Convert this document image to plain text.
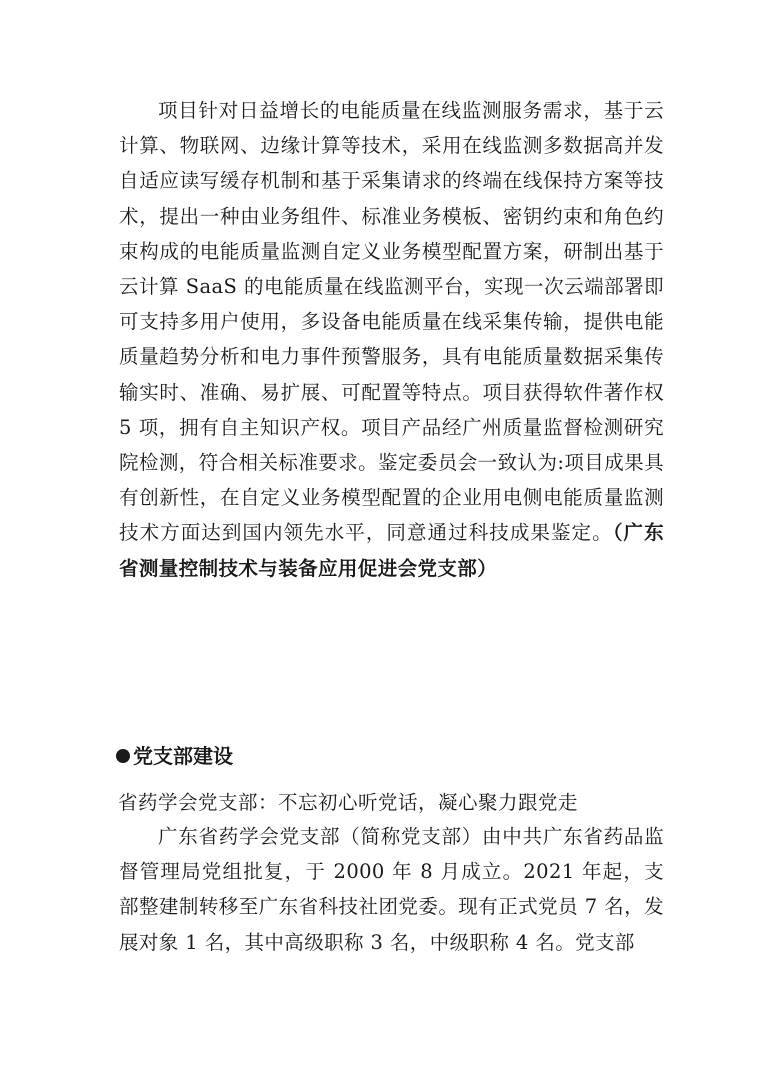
项目针对日益增长的电能质量在线监测服务需求，基于云计算、物联网、边缘计算等技术，采用在线监测多数据高并发自适应读写缓存机制和基于采集请求的终端在线保持方案等技术，提出一种由业务组件、标准业务模板、密钥约束和角色约束构成的电能质量监测自定义业务模型配置方案，研制出基于云计算 SaaS 的电能质量在线监测平台，实现一次云端部署即可支持多用户使用，多设备电能质量在线采集传输，提供电能质量趋势分析和电力事件预警服务，具有电能质量数据采集传输实时、准确、易扩展、可配置等特点。项目获得软件著作权 5 项，拥有自主知识产权。项目产品经广州质量监督检测研究院检测，符合相关标准要求。鉴定委员会一致认为:项目成果具有创新性，在自定义业务模型配置的企业用电侧电能质量监测技术方面达到国内领先水平，同意通过科技成果鉴定。（广东省测量控制技术与装备应用促进会党支部）

党支部建设
省药学会党支部：不忘初心听党话，凝心聚力跟党走

广东省药学会党支部（简称党支部）由中共广东省药品监督管理局党组批复，于 2000 年 8 月成立。2021 年起，支部整建制转移至广东省科技社团党委。现有正式党员 7 名，发展对象 1 名，其中高级职称 3 名，中级职称 4 名。党支部
